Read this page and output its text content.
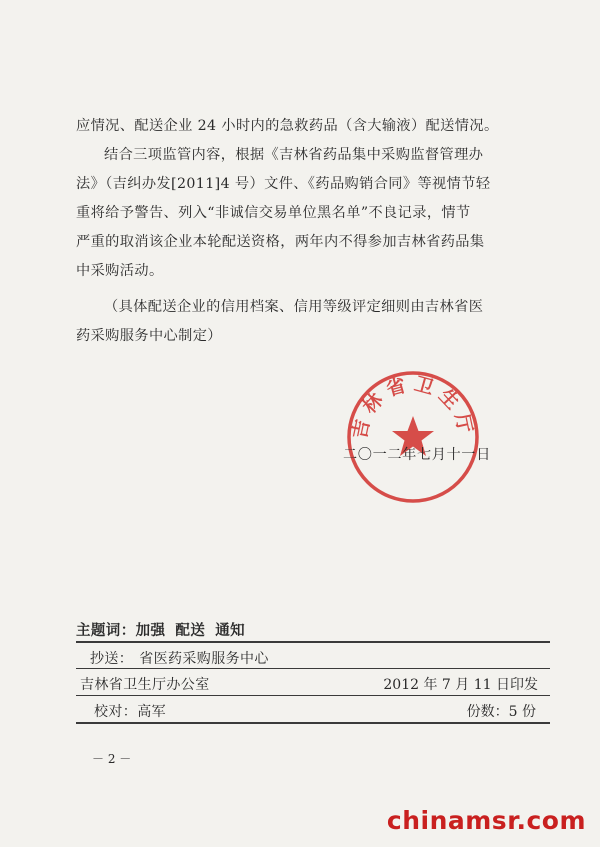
应情况、配送企业 24 小时内的急救药品（含大输液）配送情况。

结合三项监管内容，根据《吉林省药品集中采购监督管理办
法》（吉纠办发[2011]4 号）文件、《药品购销合同》等视情节轻
重将给予警告、列入“非诚信交易单位黑名单”不良记录，情节
严重的取消该企业本轮配送资格，两年内不得参加吉林省药品集
中采购活动。

（具体配送企业的信用档案、信用等级评定细则由吉林省医
药采购服务中心制定）

吉林省卫生厅
二〇一二年七月十一日
主题词：加强 配送 通知
抄送： 省医药采购服务中心
吉林省卫生厅办公室	2012 年 7 月 11 日印发
校对：高军	份数：5 份
－ 2 －
chinamsr.com
